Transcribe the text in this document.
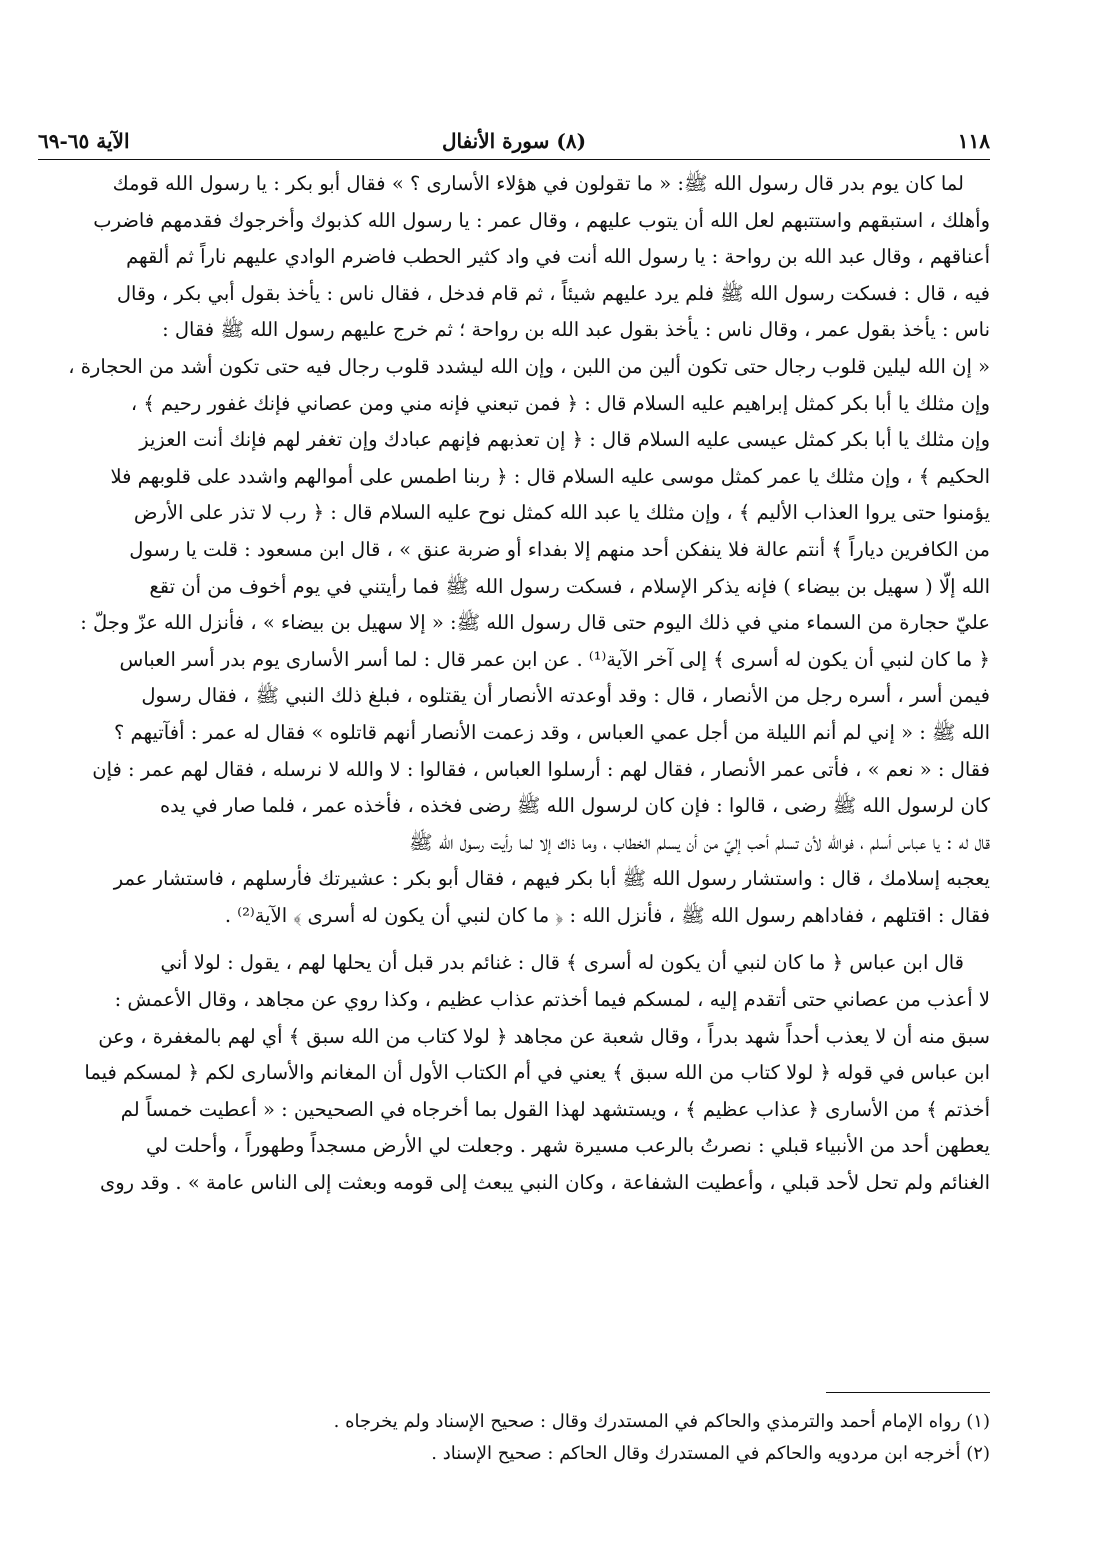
١١٨
(٨) سورة الأنفال
الآية ٦٥-٦٩

لما كان يوم بدر قال رسول الله ﷺ: « ما تقولون في هؤلاء الأسارى ؟ » فقال أبو بكر : يا رسول الله قومك

وأهلك ، استبقهم واستتبهم لعل الله أن يتوب عليهم ، وقال عمر : يا رسول الله كذبوك وأخرجوك فقدمهم فاضرب

أعناقهم ، وقال عبد الله بن رواحة : يا رسول الله أنت في واد كثير الحطب فاضرم الوادي عليهم ناراً ثم ألقهم

فيه ، قال : فسكت رسول الله ﷺ فلم يرد عليهم شيئاً ، ثم قام فدخل ، فقال ناس : يأخذ بقول أبي بكر ، وقال

ناس : يأخذ بقول عمر ، وقال ناس : يأخذ بقول عبد الله بن رواحة ؛ ثم خرج عليهم رسول الله ﷺ فقال :

« إن الله ليلين قلوب رجال حتى تكون ألين من اللبن ، وإن الله ليشدد قلوب رجال فيه حتى تكون أشد من الحجارة ،

وإن مثلك يا أبا بكر كمثل إبراهيم عليه السلام قال : ﴿ فمن تبعني فإنه مني ومن عصاني فإنك غفور رحيم ﴾ ،

وإن مثلك يا أبا بكر كمثل عيسى عليه السلام قال : ﴿ إن تعذبهم فإنهم عبادك وإن تغفر لهم فإنك أنت العزيز

الحكيم ﴾ ، وإن مثلك يا عمر كمثل موسى عليه السلام قال : ﴿ ربنا اطمس على أموالهم واشدد على قلوبهم فلا

يؤمنوا حتى يروا العذاب الأليم ﴾ ، وإن مثلك يا عبد الله كمثل نوح عليه السلام قال : ﴿ رب لا تذر على الأرض

من الكافرين دياراً ﴾ أنتم عالة فلا ينفكن أحد منهم إلا بفداء أو ضربة عنق » ، قال ابن مسعود : قلت يا رسول

الله إلّا ( سهيل بن بيضاء ) فإنه يذكر الإسلام ، فسكت رسول الله ﷺ فما رأيتني في يوم أخوف من أن تقع

عليّ حجارة من السماء مني في ذلك اليوم حتى قال رسول الله ﷺ: « إلا سهيل بن بيضاء » ، فأنزل الله عزّ وجلّ :

﴿ ما كان لنبي أن يكون له أسرى ﴾ إلى آخر الآية⁽¹⁾ . عن ابن عمر قال : لما أسر الأسارى يوم بدر أسر العباس

فيمن أسر ، أسره رجل من الأنصار ، قال : وقد أوعدته الأنصار أن يقتلوه ، فبلغ ذلك النبي ﷺ ، فقال رسول

الله ﷺ : « إني لم أنم الليلة من أجل عمي العباس ، وقد زعمت الأنصار أنهم قاتلوه » فقال له عمر : أفآتيهم ؟

فقال : « نعم » ، فأتى عمر الأنصار ، فقال لهم : أرسلوا العباس ، فقالوا : لا والله لا نرسله ، فقال لهم عمر : فإن

كان لرسول الله ﷺ رضى ، قالوا : فإن كان لرسول الله ﷺ رضى فخذه ، فأخذه عمر ، فلما صار في يده

قال له : يا عباس أسلم ، فوالله لأن تسلم أحب إليّ من أن يسلم الخطاب ، وما ذاك إلا لما رأيت رسول الله ﷺ

يعجبه إسلامك ، قال : واستشار رسول الله ﷺ أبا بكر فيهم ، فقال أبو بكر : عشيرتك فأرسلهم ، فاستشار عمر

فقال : اقتلهم ، ففاداهم رسول الله ﷺ ، فأنزل الله : ﴿ ما كان لنبي أن يكون له أسرى ﴾ الآية⁽²⁾ .

قال ابن عباس ﴿ ما كان لنبي أن يكون له أسرى ﴾ قال : غنائم بدر قبل أن يحلها لهم ، يقول : لولا أني

لا أعذب من عصاني حتى أتقدم إليه ، لمسكم فيما أخذتم عذاب عظيم ، وكذا روي عن مجاهد ، وقال الأعمش :

سبق منه أن لا يعذب أحداً شهد بدراً ، وقال شعبة عن مجاهد ﴿ لولا كتاب من الله سبق ﴾ أي لهم بالمغفرة ، وعن

ابن عباس في قوله ﴿ لولا كتاب من الله سبق ﴾ يعني في أم الكتاب الأول أن المغانم والأسارى لكم ﴿ لمسكم فيما

أخذتم ﴾ من الأسارى ﴿ عذاب عظيم ﴾ ، ويستشهد لهذا القول بما أخرجاه في الصحيحين : « أعطيت خمساً لم

يعطهن أحد من الأنبياء قبلي : نصرتُ بالرعب مسيرة شهر . وجعلت لي الأرض مسجداً وطهوراً ، وأحلت لي

الغنائم ولم تحل لأحد قبلي ، وأعطيت الشفاعة ، وكان النبي يبعث إلى قومه وبعثت إلى الناس عامة » . وقد روى

(١) رواه الإمام أحمد والترمذي والحاكم في المستدرك وقال : صحيح الإسناد ولم يخرجاه .
(٢) أخرجه ابن مردويه والحاكم في المستدرك وقال الحاكم : صحيح الإسناد .
